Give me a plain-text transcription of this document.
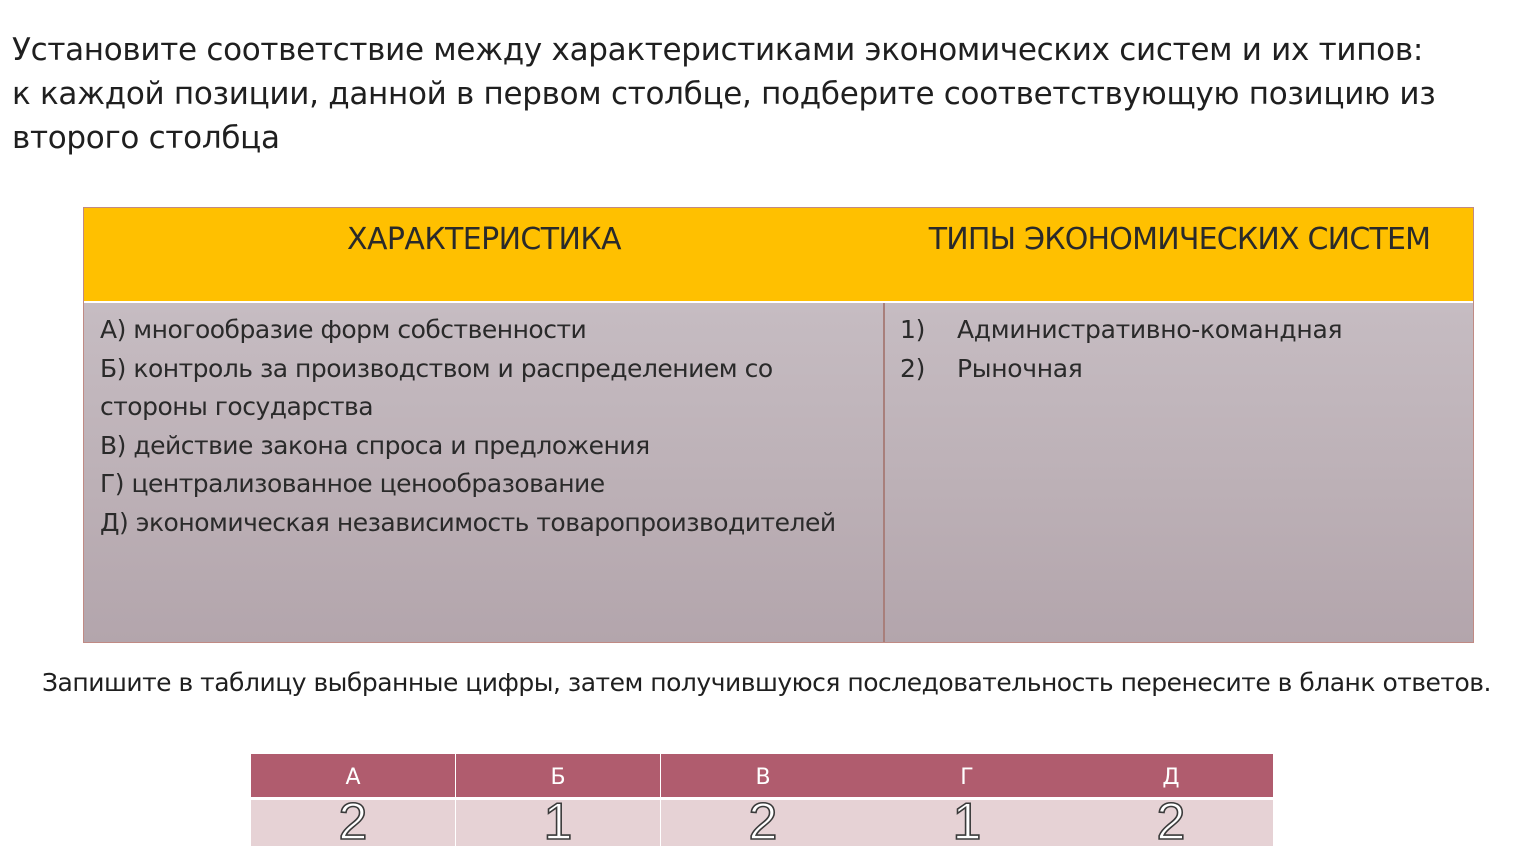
Установите соответствие между характеристиками экономических систем и их типов:
к каждой позиции, данной в первом столбце, подберите соответствующую позицию из
второго столбца
ХАРАКТЕРИСТИКА	ТИПЫ ЭКОНОМИЧЕСКИХ СИСТЕМ
А) многообразие форм собственности
Б) контроль за производством и распределением со стороны государства
В) действие закона спроса и предложения
Г) централизованное ценообразование
Д) экономическая независимость товаропроизводителей
1) Административно-командная
2) Рыночная
Запишите в таблицу выбранные цифры, затем получившуюся последовательность перенесите в бланк ответов.
А
2
Б
1
В
2
Г
1
Д
2
